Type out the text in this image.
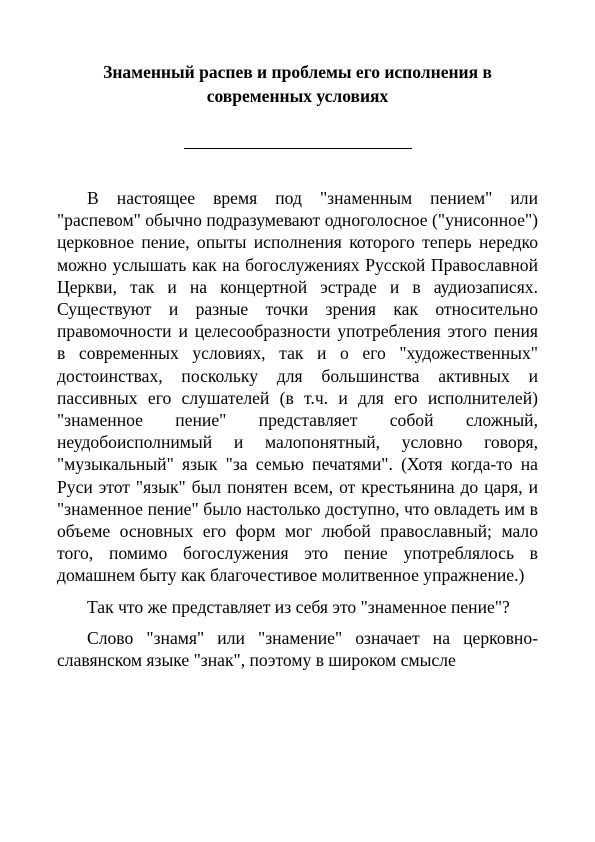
Знаменный распев и проблемы его исполнения в
современных условиях

В настоящее время под "знаменным пением" или "распевом" обычно подразумевают одноголосное ("унисонное") церковное пение, опыты исполнения которого теперь нередко можно услышать как на богослужениях Русской Православной Церкви, так и на концертной эстраде и в аудиозаписях. Существуют и разные точки зрения как относительно правомочности и целесообразности употребления этого пения в современных условиях, так и о его "художественных" достоинствах, поскольку для большинства активных и пассивных его слушателей (в т.ч. и для его исполнителей) "знаменное пение" представляет собой сложный, неудобоисполнимый и малопонятный, условно говоря, "музыкальный" язык "за семью печатями". (Хотя когда-то на Руси этот "язык" был понятен всем, от крестьянина до царя, и "знаменное пение" было настолько доступно, что овладеть им в объеме основных его форм мог любой православный; мало того, помимо богослужения это пение употреблялось в домашнем быту как благочестивое молитвенное упражнение.)

Так что же представляет из себя это "знаменное пение"?

Слово "знамя" или "знамение" означает на церковно-славянском языке "знак", поэтому в широком смысле
